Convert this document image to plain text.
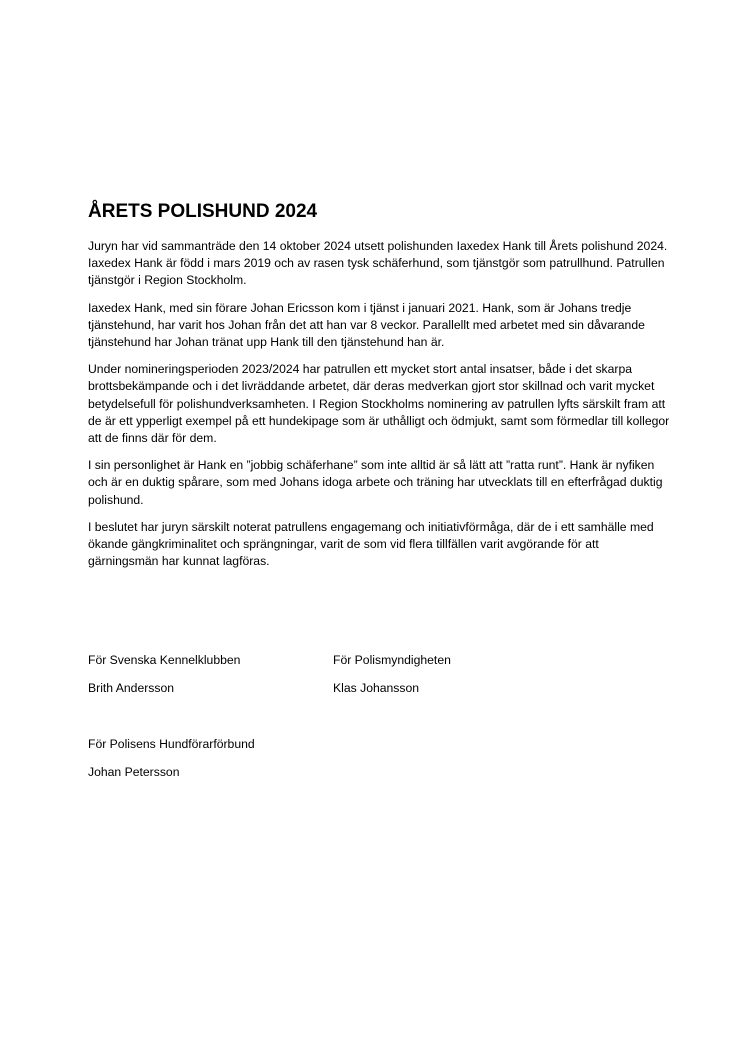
ÅRETS POLISHUND 2024

Juryn har vid sammanträde den 14 oktober 2024 utsett polishunden Iaxedex Hank till Årets polishund 2024. Iaxedex Hank är född i mars 2019 och av rasen tysk schäferhund, som tjänstgör som patrullhund. Patrullen tjänstgör i Region Stockholm.

Iaxedex Hank, med sin förare Johan Ericsson kom i tjänst i januari 2021. Hank, som är Johans tredje tjänstehund, har varit hos Johan från det att han var 8 veckor. Parallellt med arbetet med sin dåvarande tjänstehund har Johan tränat upp Hank till den tjänstehund han är.

Under nomineringsperioden 2023/2024 har patrullen ett mycket stort antal insatser, både i det skarpa brottsbekämpande och i det livräddande arbetet, där deras medverkan gjort stor skillnad och varit mycket betydelsefull för polishundverksamheten. I Region Stockholms nominering av patrullen lyfts särskilt fram att de är ett ypperligt exempel på ett hundekipage som är uthålligt och ödmjukt, samt som förmedlar till kollegor att de finns där för dem.

I sin personlighet är Hank en ”jobbig schäferhane” som inte alltid är så lätt att ”ratta runt”. Hank är nyfiken och är en duktig spårare, som med Johans idoga arbete och träning har utvecklats till en efterfrågad duktig polishund.

I beslutet har juryn särskilt noterat patrullens engagemang och initiativförmåga, där de i ett samhälle med ökande gängkriminalitet och sprängningar, varit de som vid flera tillfällen varit avgörande för att gärningsmän har kunnat lagföras.

För Svenska Kennelklubben

Brith Andersson

För Polismyndigheten

Klas Johansson

För Polisens Hundförarförbund

Johan Petersson
